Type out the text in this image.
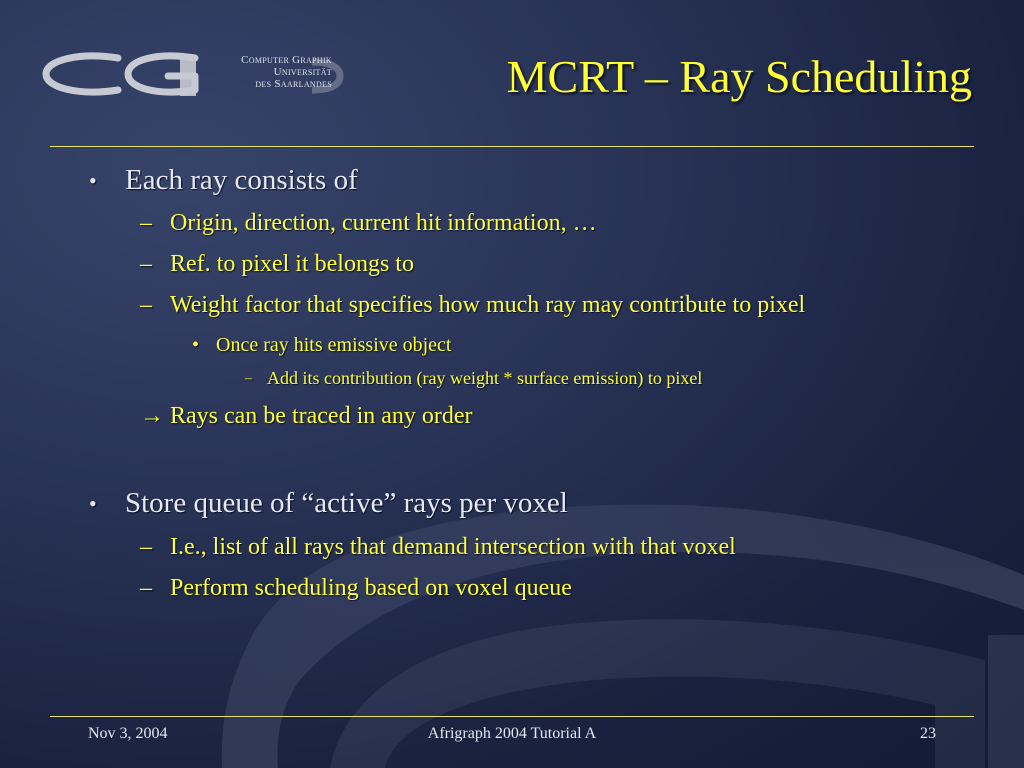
Computer Graphik
Universität
des Saarlandes	MCRT – Ray Scheduling
• Each ray consists of
– Origin, direction, current hit information, …
– Ref. to pixel it belongs to
– Weight factor that specifies how much ray may contribute to pixel
• Once ray hits emissive object
– Add its contribution (ray weight * surface emission) to pixel
→ Rays can be traced in any order
• Store queue of “active” rays per voxel
– I.e., list of all rays that demand intersection with that voxel
– Perform scheduling based on voxel queue
Nov 3, 2004	Afrigraph 2004 Tutorial A	23
